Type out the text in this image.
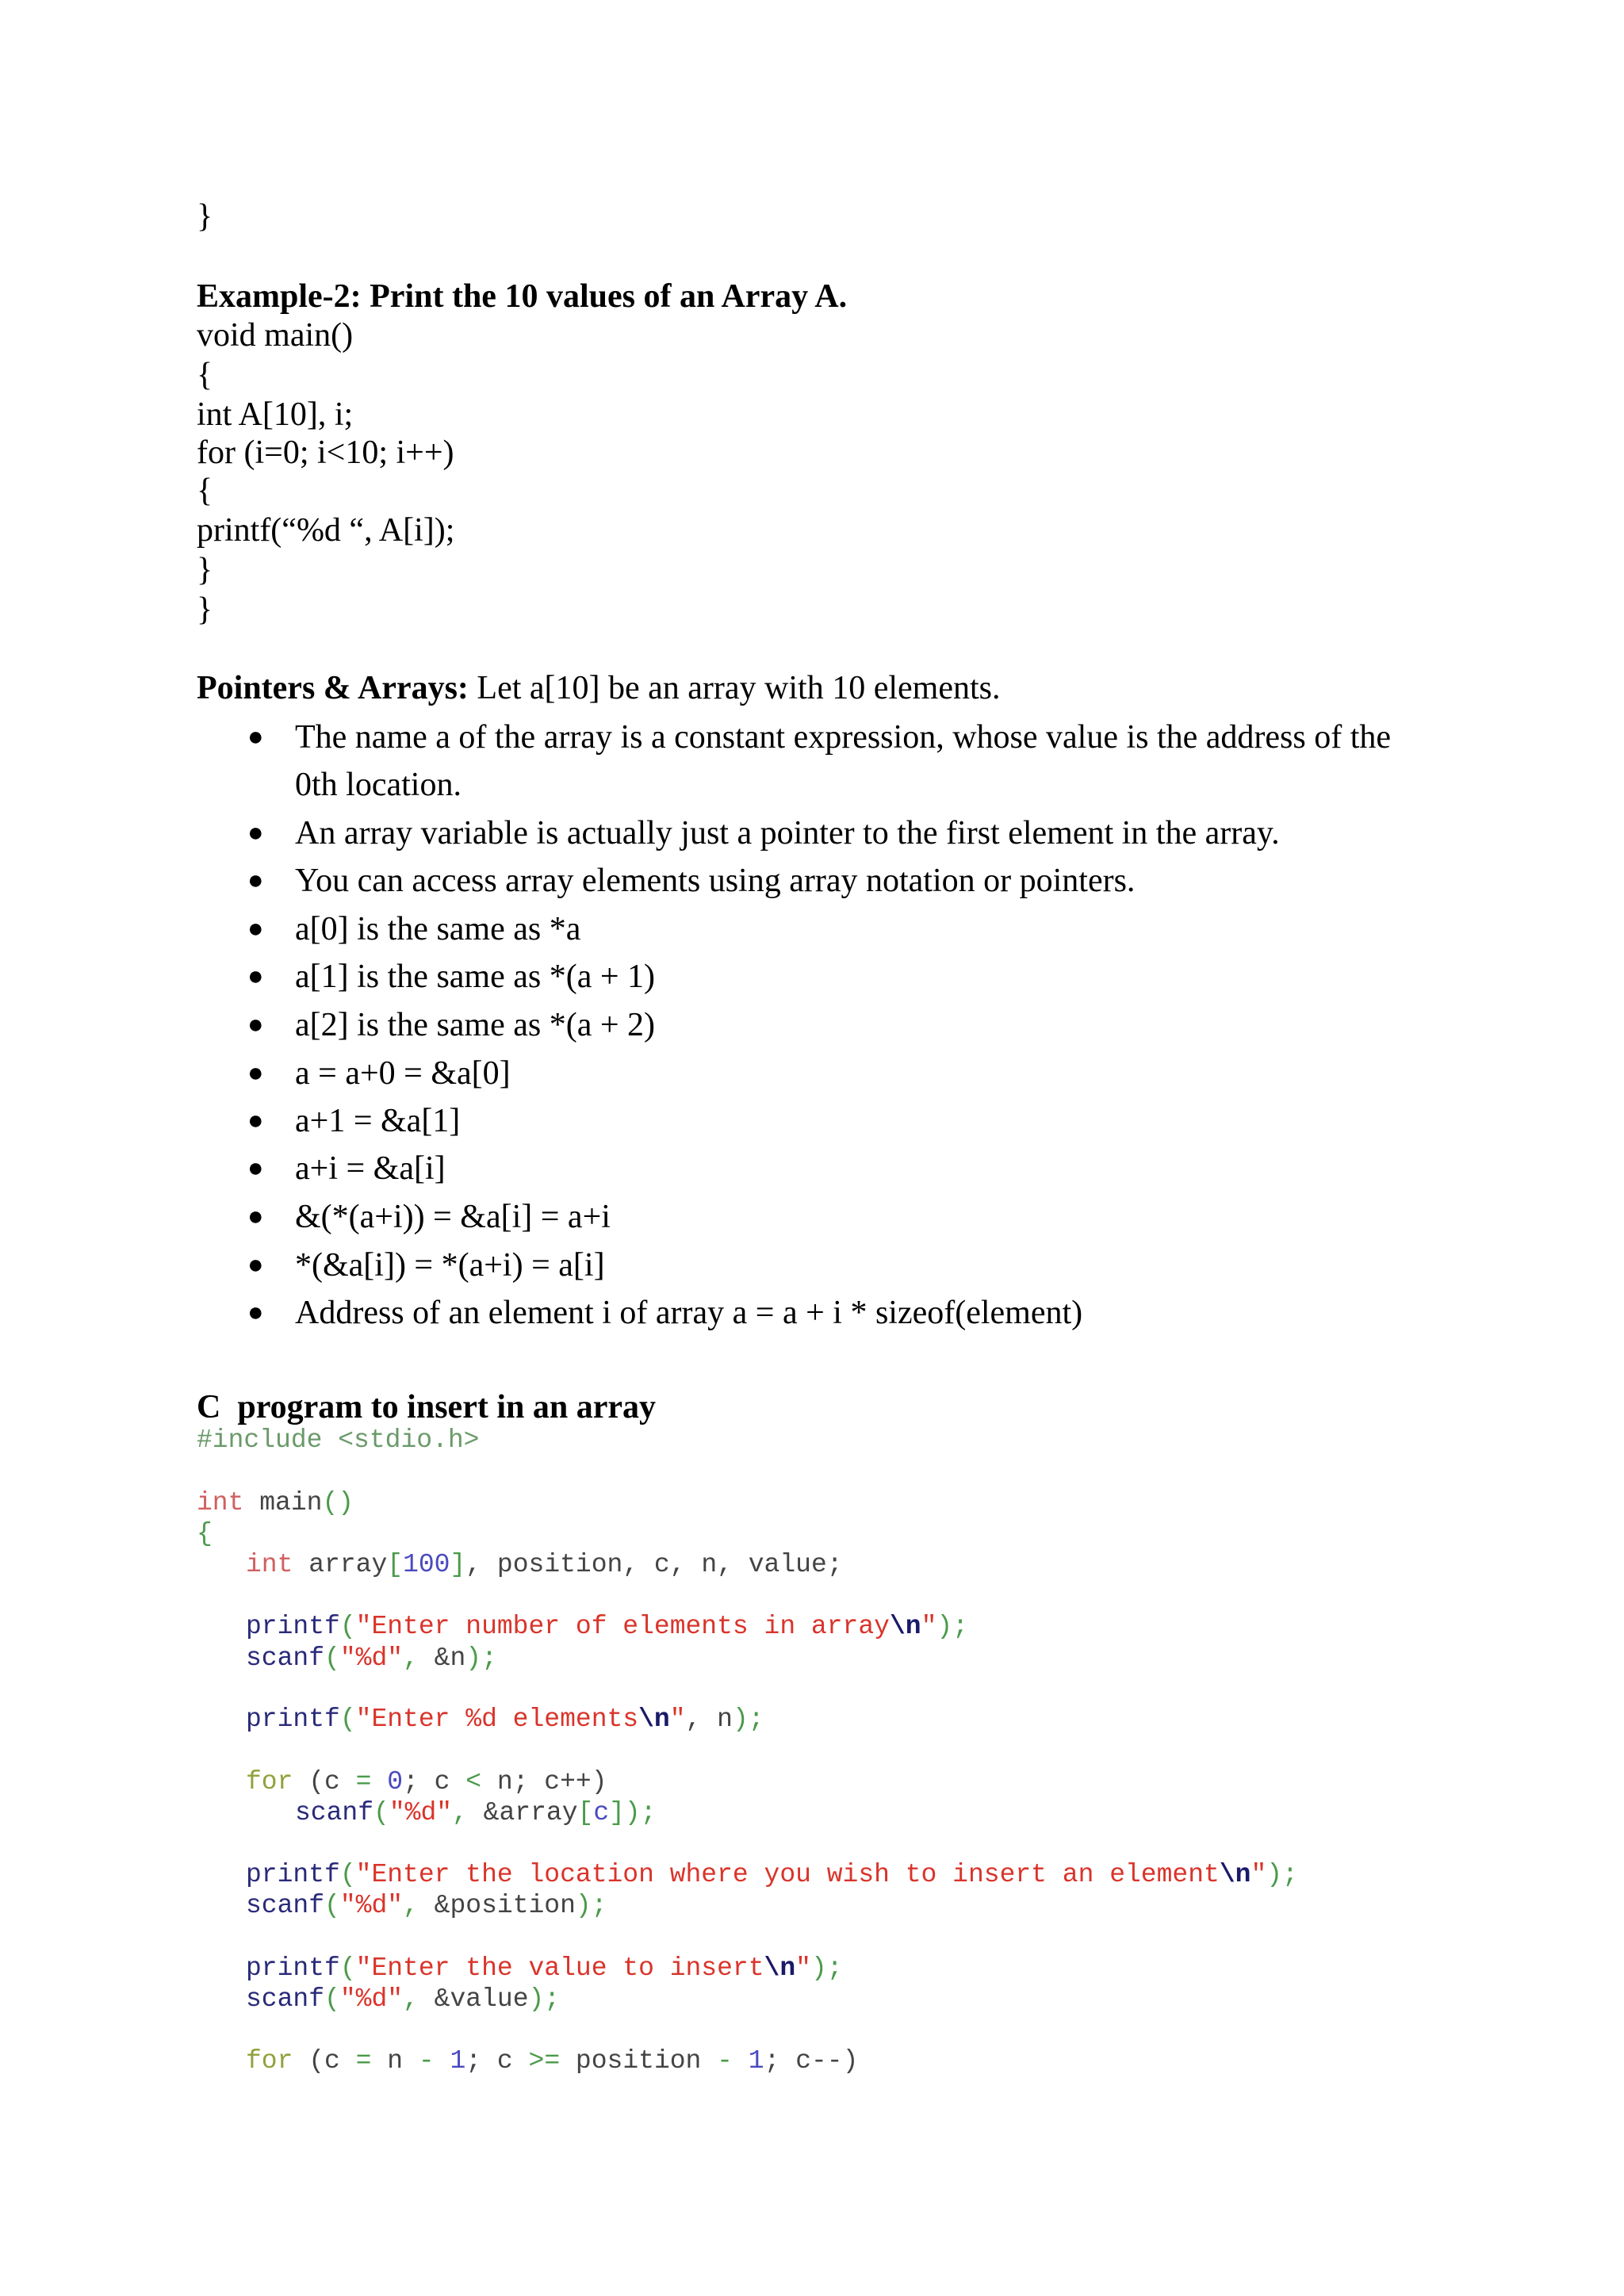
}
Example-2: Print the 10 values of an Array A.
void main()
{
int A[10], i;
for (i=0; i<10; i++)
{
printf(“%d “, A[i]);
}
}
Pointers & Arrays: Let a[10] be an array with 10 elements.
● The name a of the array is a constant expression, whose value is the address of the 0th location.
● An array variable is actually just a pointer to the first element in the array.
● You can access array elements using array notation or pointers.
● a[0] is the same as *a
● a[1] is the same as *(a + 1)
● a[2] is the same as *(a + 2)
● a = a+0 = &a[0]
● a+1 = &a[1]
● a+i = &a[i]
● &(*(a+i)) = &a[i] = a+i
● *(&a[i]) = *(a+i) = a[i]
● Address of an element i of array a = a + i * sizeof(element)
C  program to insert in an array
#include <stdio.h>
int main()
{
int array[100], position, c, n, value;
printf("Enter number of elements in array\n");
scanf("%d", &n);
printf("Enter %d elements\n", n);
for (c = 0; c < n; c++)
scanf("%d", &array[c]);
printf("Enter the location where you wish to insert an element\n");
scanf("%d", &position);
printf("Enter the value to insert\n");
scanf("%d", &value);
for (c = n - 1; c >= position - 1; c--)
